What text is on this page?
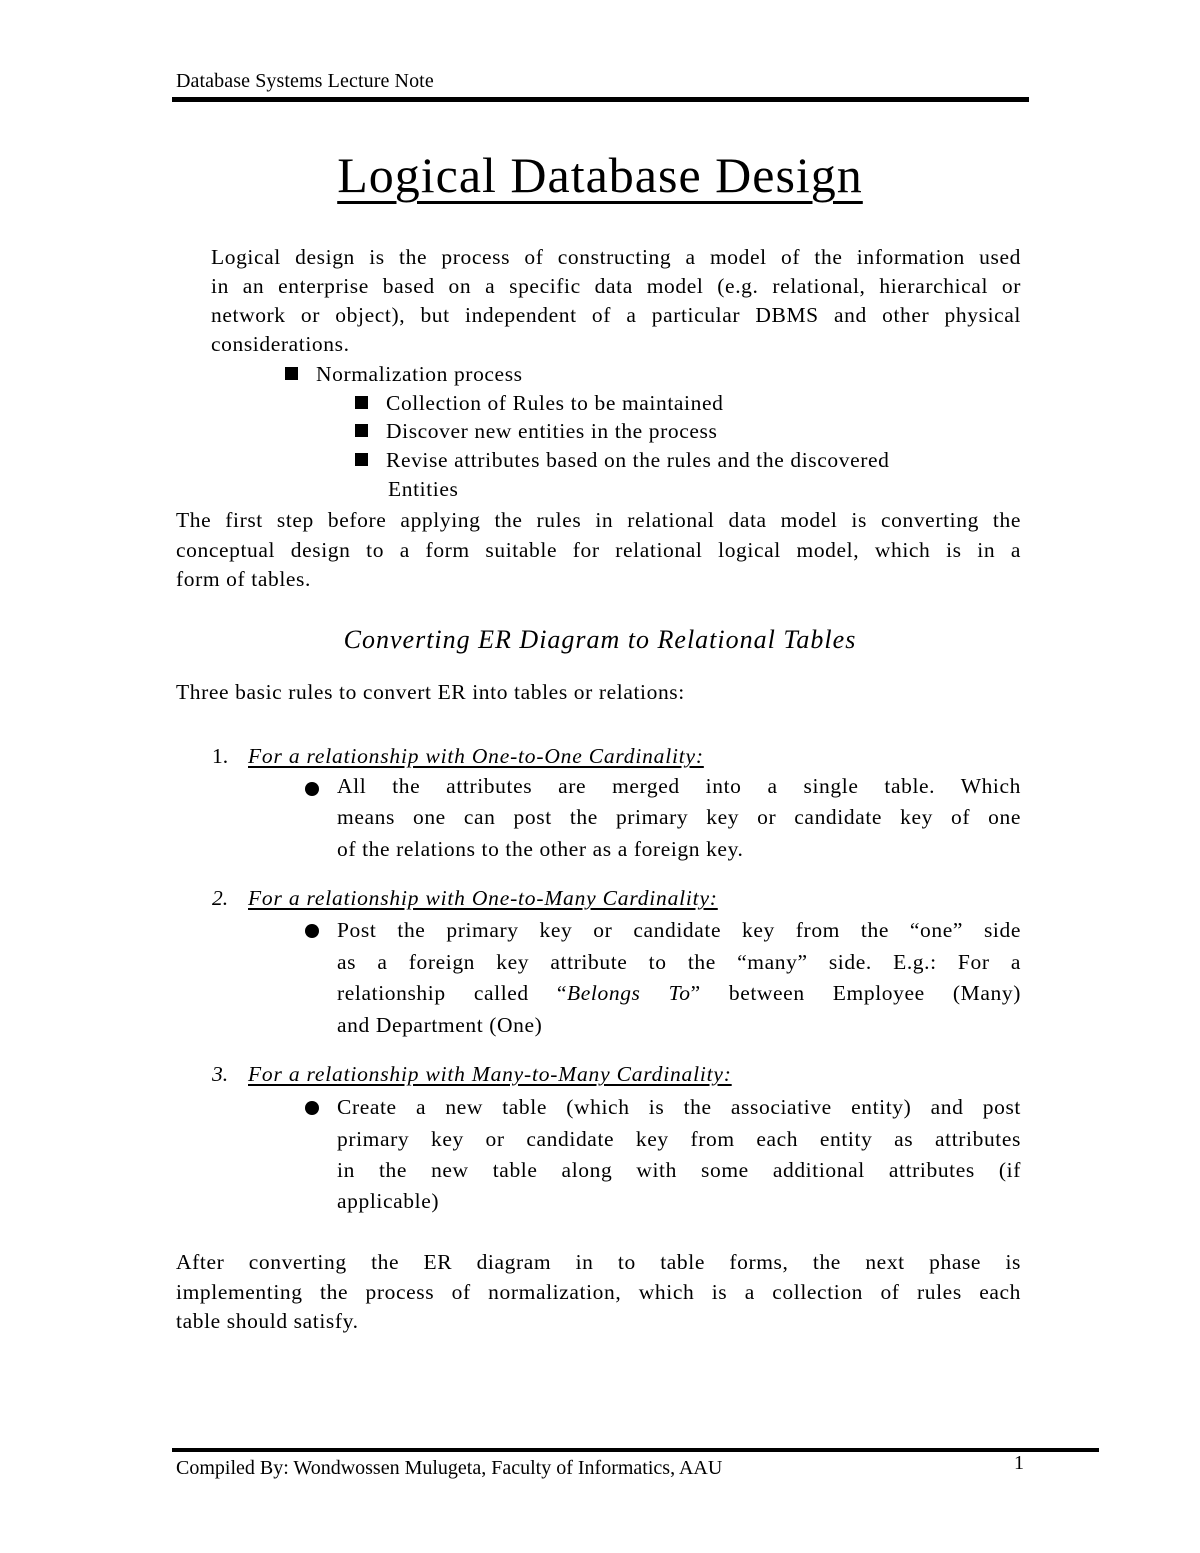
Database Systems Lecture Note
Logical Database Design
Logical design is the process of constructing a model of the information used
in an enterprise based on a specific data model (e.g. relational, hierarchical or
network or object), but independent of a particular DBMS and other physical
considerations.
Normalization process
Collection of Rules to be maintained
Discover new entities in the process
Revise attributes based on the rules and the discovered
Entities
The first step before applying the rules in relational data model is converting the
conceptual design to a form suitable for relational logical model, which is in a
form of tables.
Converting ER Diagram to Relational Tables
Three basic rules to convert ER into tables or relations:
1. For a relationship with One-to-One Cardinality:
All the attributes are merged into a single table. Which
means one can post the primary key or candidate key of one
of the relations to the other as a foreign key.
2. For a relationship with One-to-Many Cardinality:
Post the primary key or candidate key from the “one” side
as a foreign key attribute to the “many” side. E.g.: For a
relationship called “Belongs To” between Employee (Many)
and Department (One)
3. For a relationship with Many-to-Many Cardinality:
Create a new table (which is the associative entity) and post
primary key or candidate key from each entity as attributes
in the new table along with some additional attributes (if
applicable)
After converting the ER diagram in to table forms, the next phase is
implementing the process of normalization, which is a collection of rules each
table should satisfy.
Compiled By: Wondwossen Mulugeta, Faculty of Informatics, AAU	1
